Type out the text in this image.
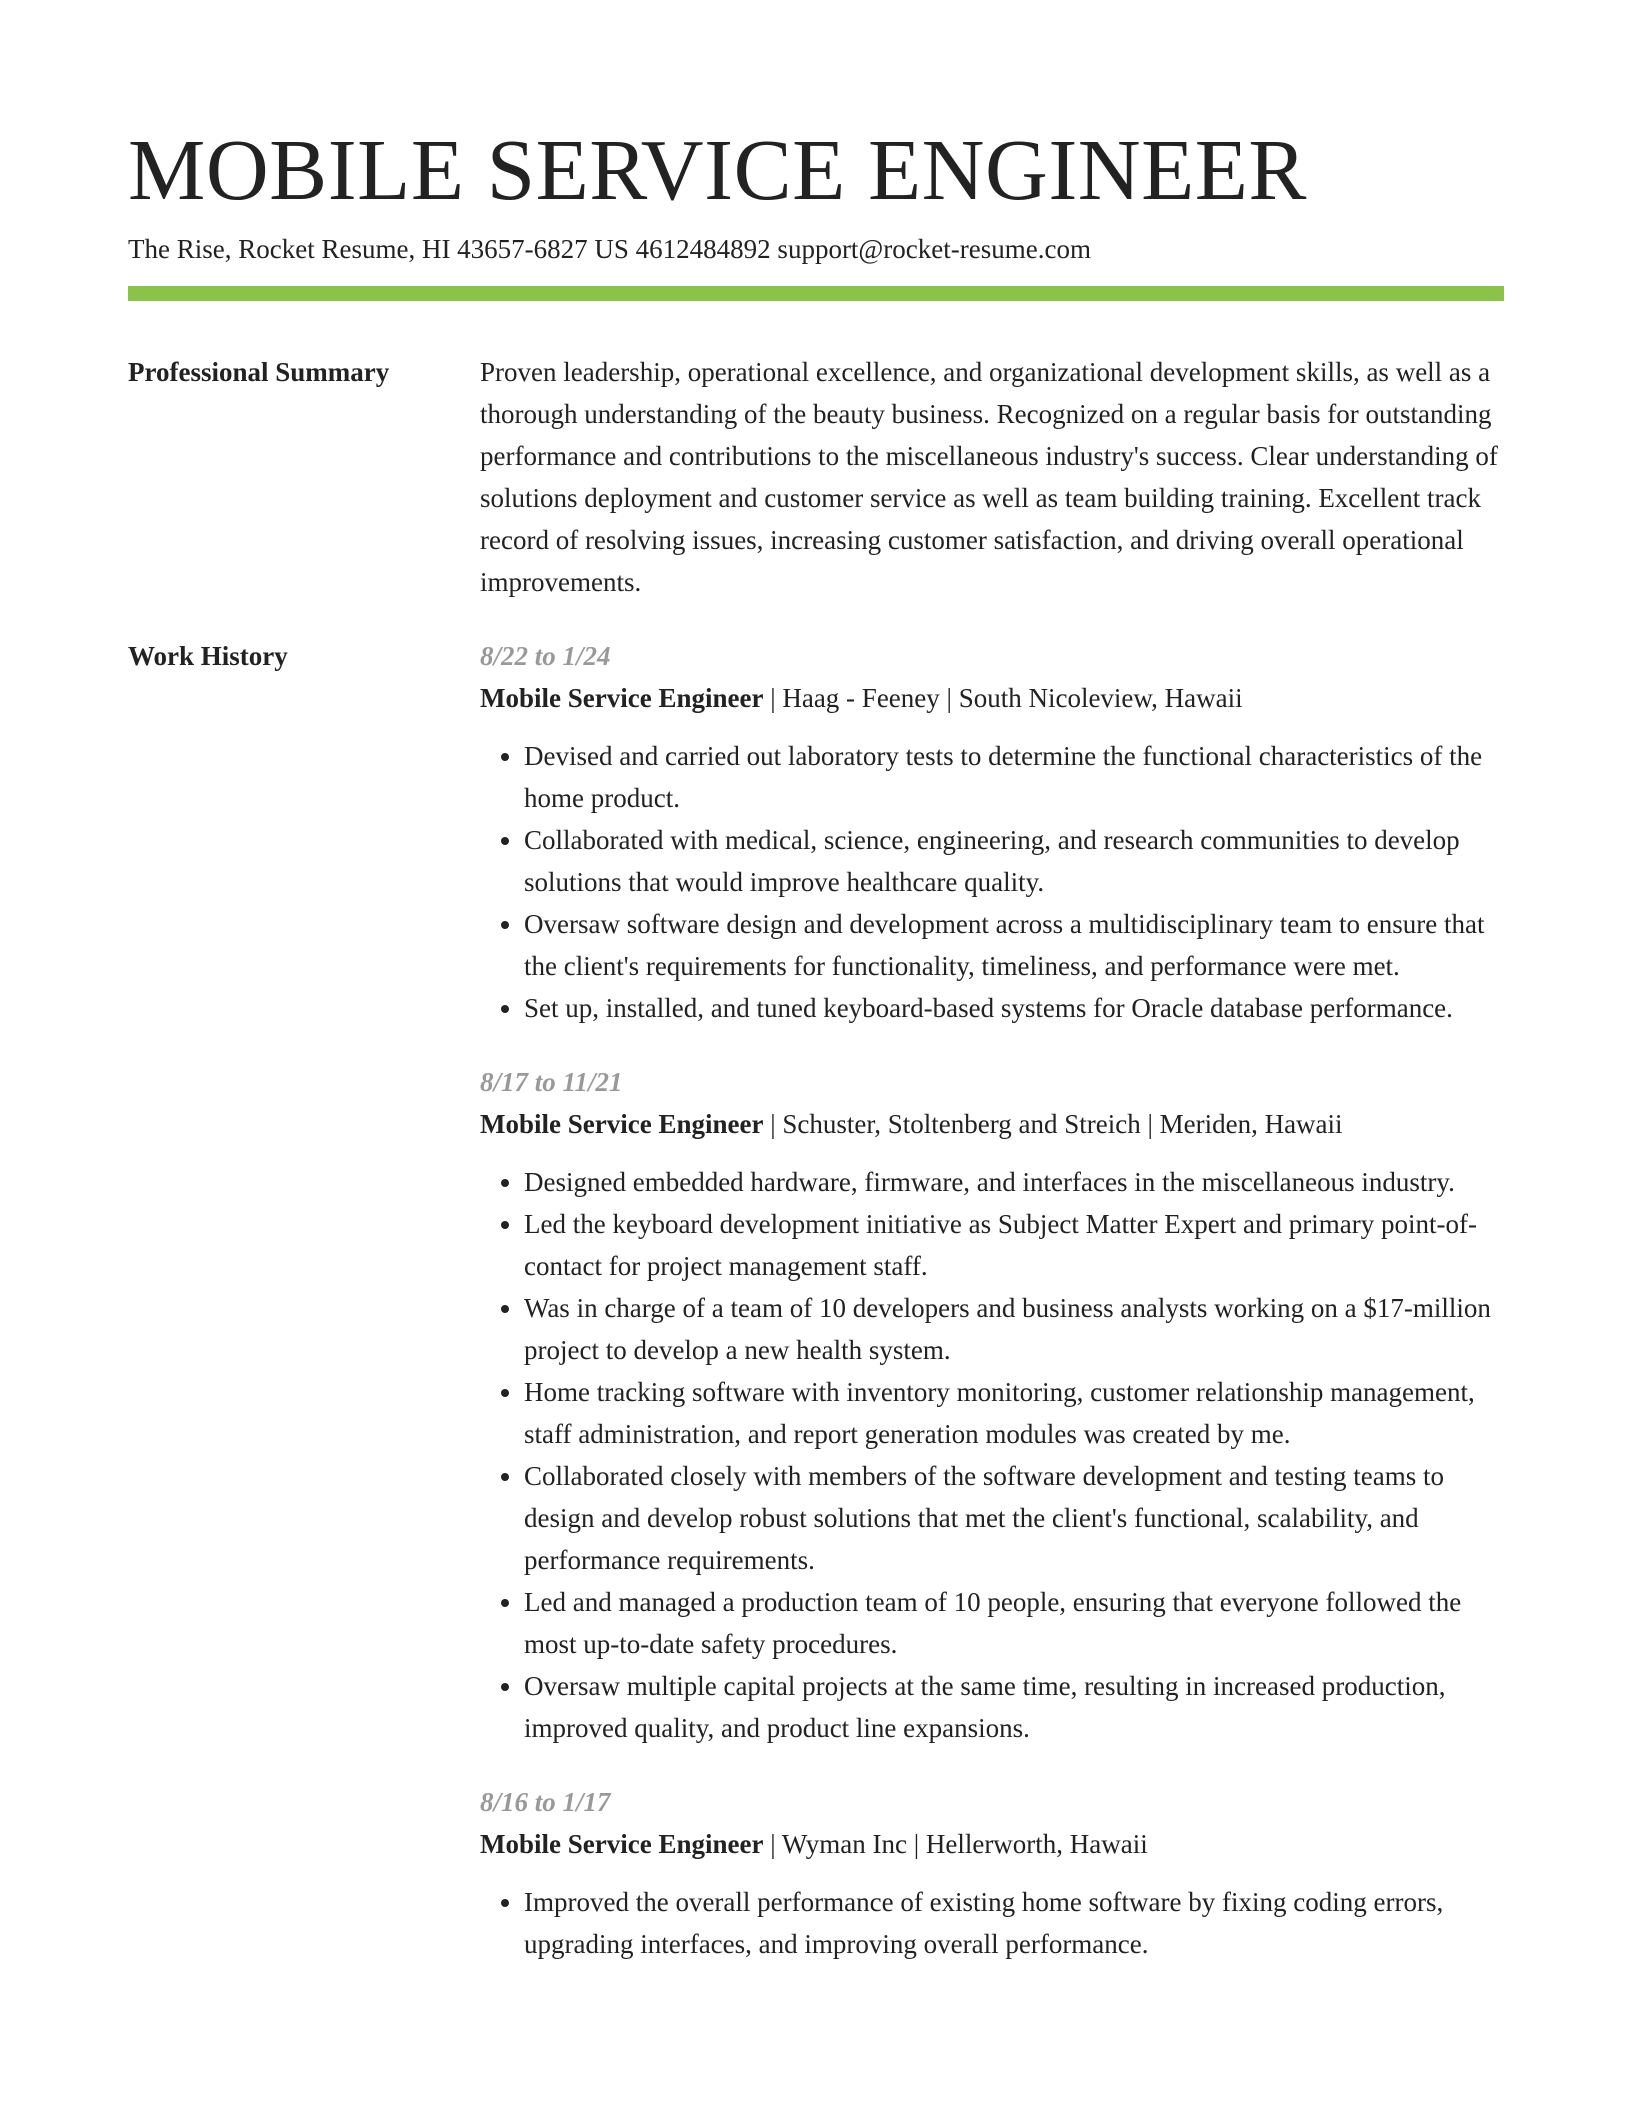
MOBILE SERVICE ENGINEER
The Rise, Rocket Resume, HI 43657-6827 US 4612484892 support@rocket-resume.com
Professional Summary	Proven leadership, operational excellence, and organizational development skills, as well as a thorough understanding of the beauty business. Recognized on a regular basis for outstanding performance and contributions to the miscellaneous industry's success. Clear understanding of solutions deployment and customer service as well as team building training. Excellent track record of resolving issues, increasing customer satisfaction, and driving overall operational improvements.

Work History	8/22 to 1/24
Mobile Service Engineer | Haag - Feeney | South Nicoleview, Hawaii
• Devised and carried out laboratory tests to determine the functional characteristics of the home product.
• Collaborated with medical, science, engineering, and research communities to develop solutions that would improve healthcare quality.
• Oversaw software design and development across a multidisciplinary team to ensure that the client's requirements for functionality, timeliness, and performance were met.
• Set up, installed, and tuned keyboard-based systems for Oracle database performance.
8/17 to 11/21
Mobile Service Engineer | Schuster, Stoltenberg and Streich | Meriden, Hawaii
• Designed embedded hardware, firmware, and interfaces in the miscellaneous industry.
• Led the keyboard development initiative as Subject Matter Expert and primary point-of-contact for project management staff.
• Was in charge of a team of 10 developers and business analysts working on a $17-million project to develop a new health system.
• Home tracking software with inventory monitoring, customer relationship management, staff administration, and report generation modules was created by me.
• Collaborated closely with members of the software development and testing teams to design and develop robust solutions that met the client's functional, scalability, and performance requirements.
• Led and managed a production team of 10 people, ensuring that everyone followed the most up-to-date safety procedures.
• Oversaw multiple capital projects at the same time, resulting in increased production, improved quality, and product line expansions.
8/16 to 1/17
Mobile Service Engineer | Wyman Inc | Hellerworth, Hawaii
• Improved the overall performance of existing home software by fixing coding errors, upgrading interfaces, and improving overall performance.
